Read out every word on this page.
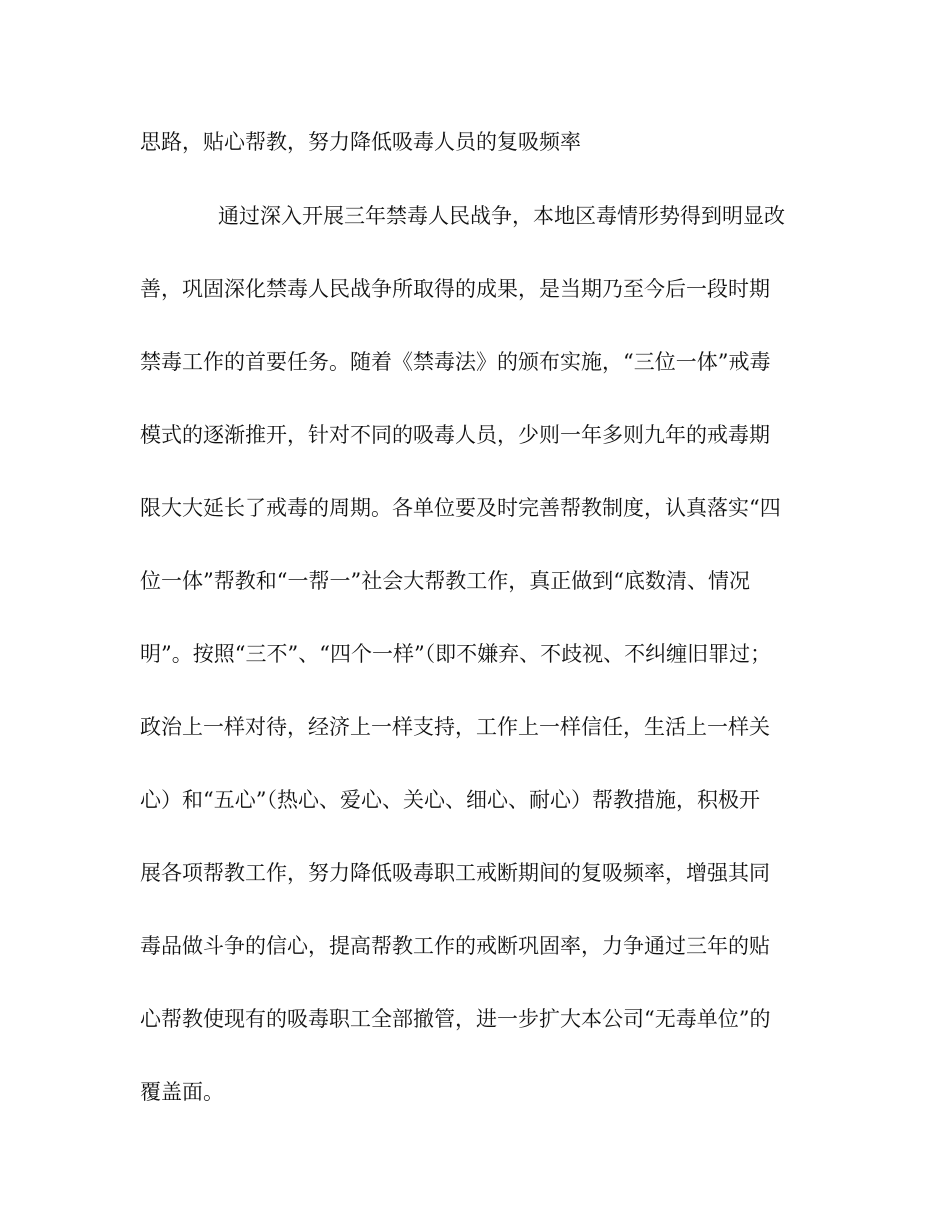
思路，贴心帮教，努力降低吸毒人员的复吸频率

通过深入开展三年禁毒人民战争，本地区毒情形势得到明显改

善，巩固深化禁毒人民战争所取得的成果，是当期乃至今后一段时期

禁毒工作的首要任务。随着《禁毒法》的颁布实施，“三位一体”戒毒

模式的逐渐推开，针对不同的吸毒人员，少则一年多则九年的戒毒期

限大大延长了戒毒的周期。各单位要及时完善帮教制度，认真落实“四

位一体”帮教和“一帮一”社会大帮教工作，真正做到“底数清、情况

明”。按照“三不”、“四个一样”（即不嫌弃、不歧视、不纠缠旧罪过；

政治上一样对待，经济上一样支持，工作上一样信任，生活上一样关

心）和“五心”（热心、爱心、关心、细心、耐心）帮教措施，积极开

展各项帮教工作，努力降低吸毒职工戒断期间的复吸频率，增强其同

毒品做斗争的信心，提高帮教工作的戒断巩固率，力争通过三年的贴

心帮教使现有的吸毒职工全部撤管，进一步扩大本公司“无毒单位”的

覆盖面。
